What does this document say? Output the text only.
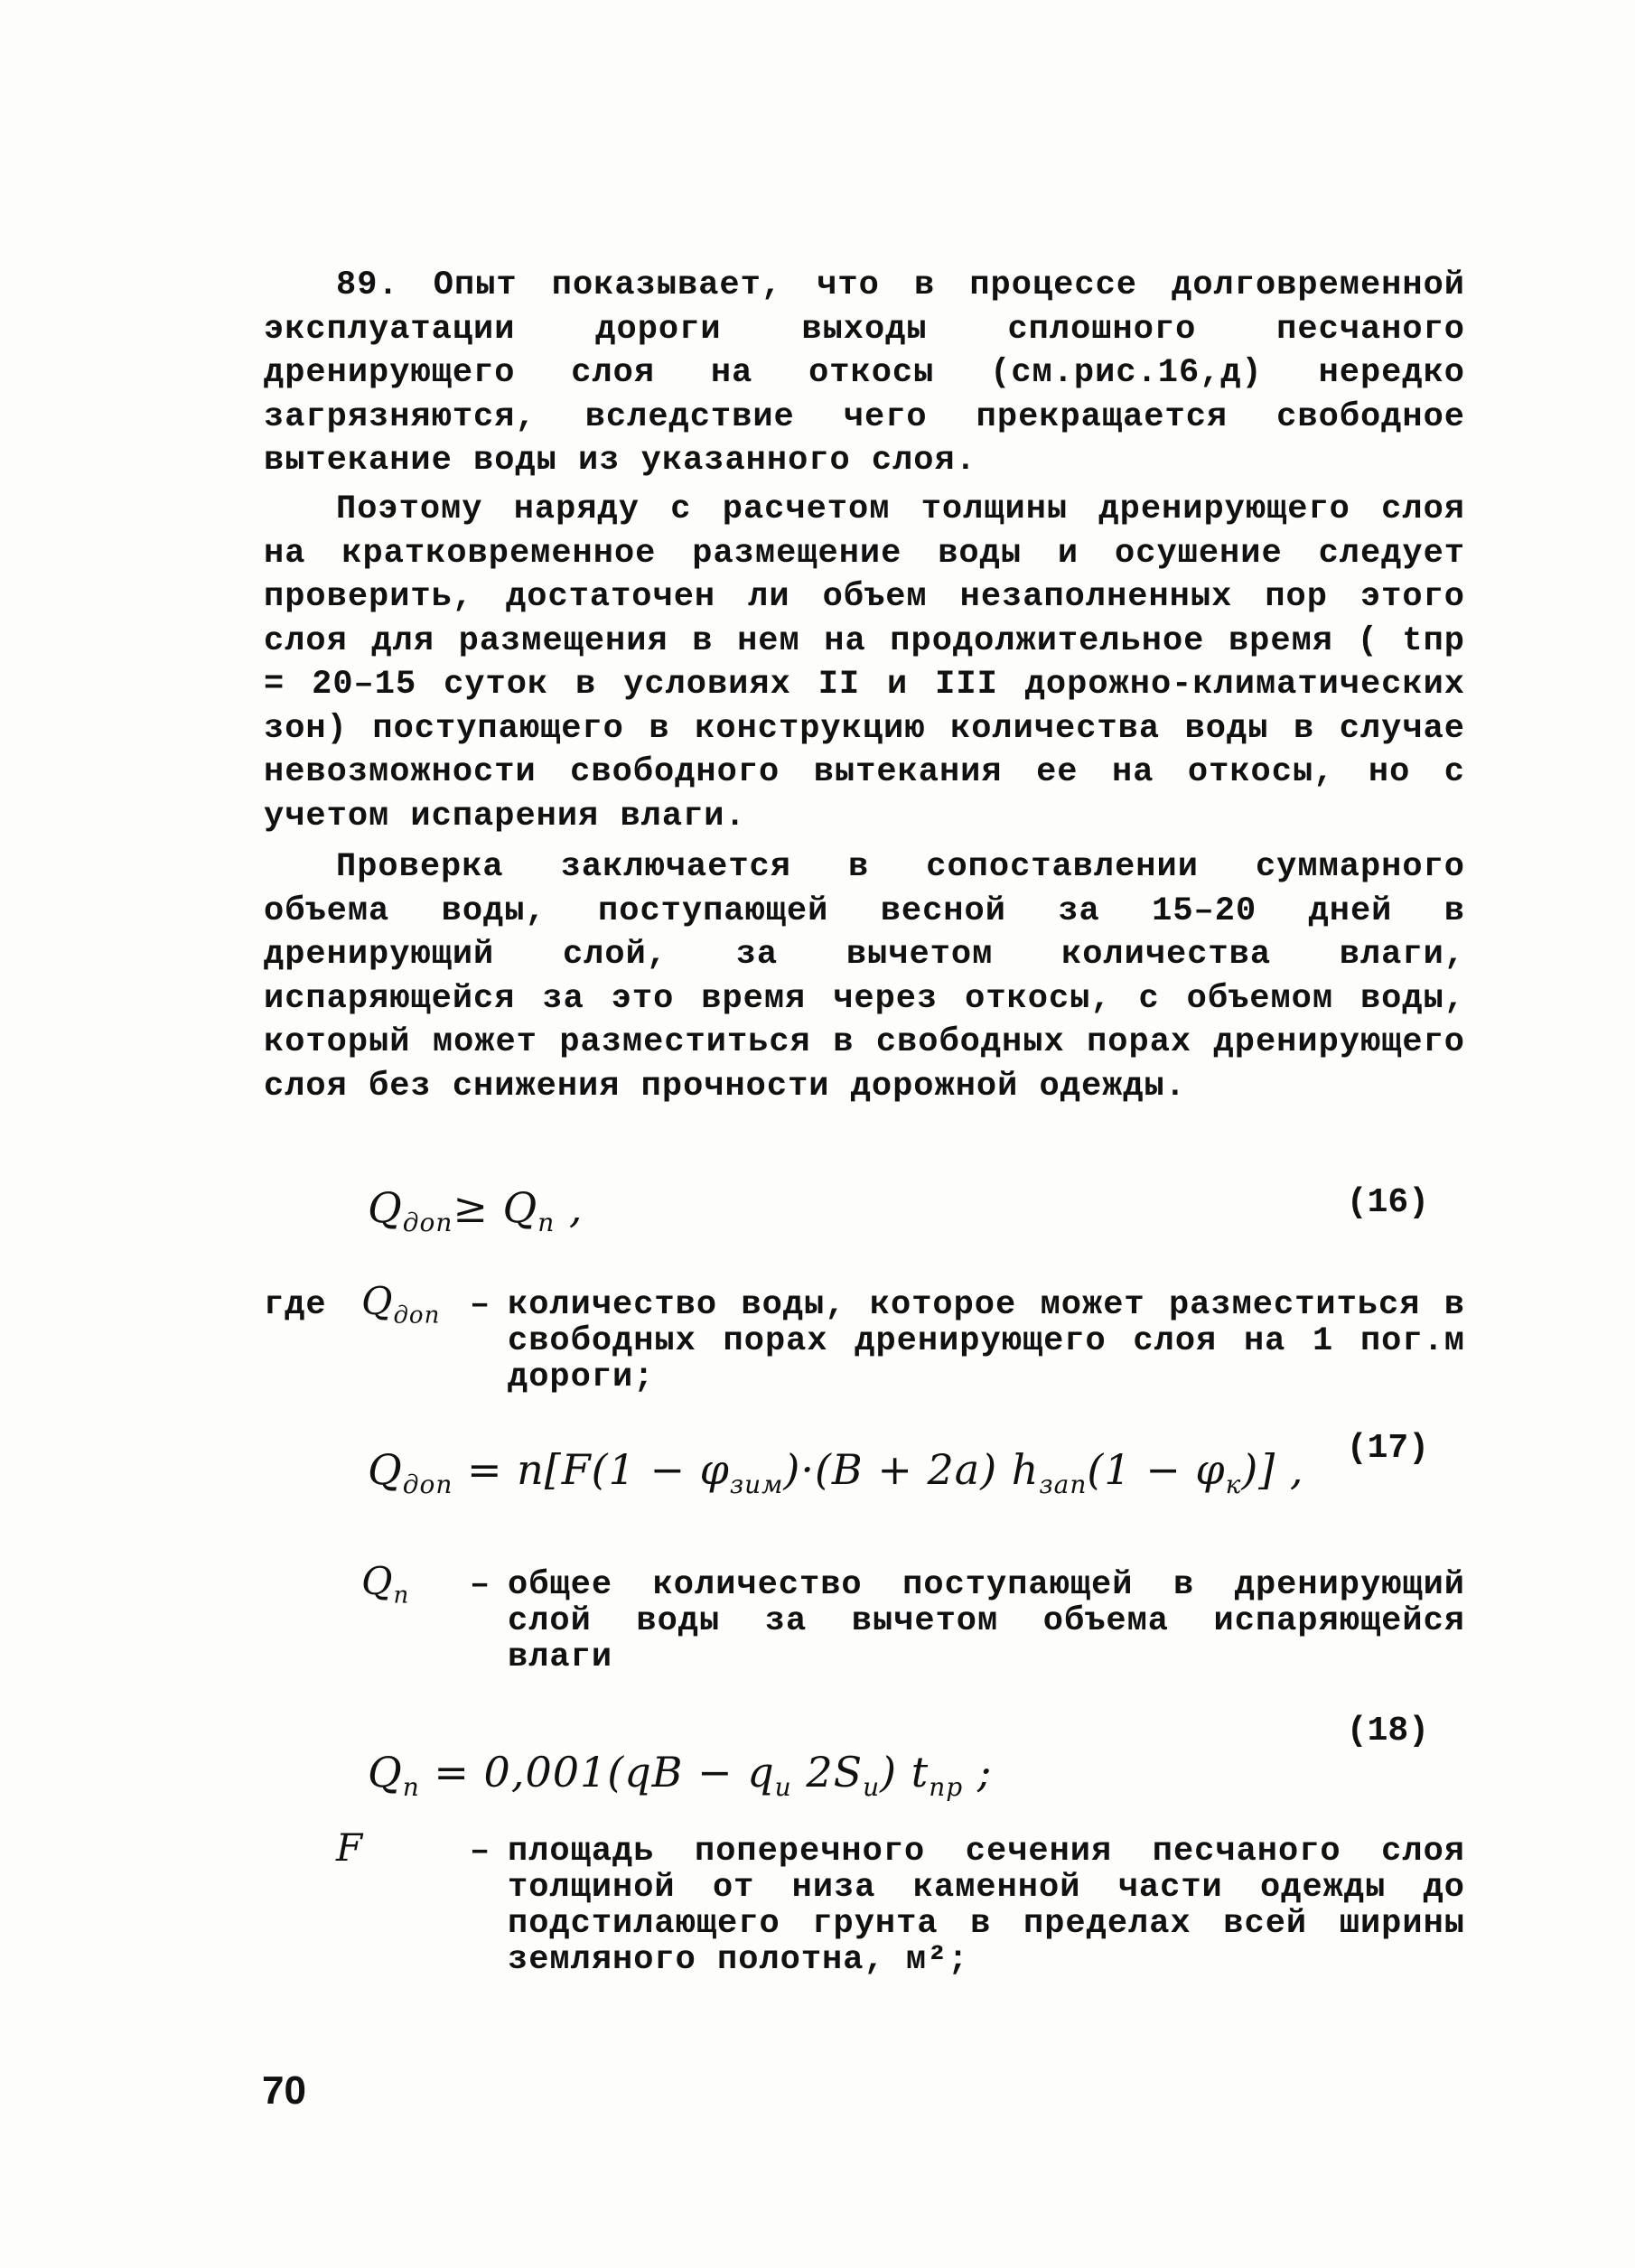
89. Опыт показывает, что в процессе долговременной эксплуатации дороги выходы сплошного песчаного дренирующего слоя на откосы (см.рис.16,д) нередко загрязняются, вследствие чего прекращается свободное вытекание воды из указанного слоя.
Поэтому наряду с расчетом толщины дренирующего слоя на кратковременное размещение воды и осушение следует проверить, достаточен ли объем незаполненных пор этого слоя для размещения в нем на продолжительное время ( tпр = 20–15 суток в условиях II и III дорожно-климатических зон) поступающего в конструкцию количества воды в случае невозможности свободного вытекания ее на откосы, но с учетом испарения влаги.
Проверка заключается в сопоставлении суммарного объема воды, поступающей весной за 15–20 дней в дренирующий слой, за вычетом количества влаги, испаряющейся за это время через откосы, с объемом воды, который может разместиться в свободных порах дренирующего слоя без снижения прочности дорожной одежды.
$Q_{доп}\ge Q_п$ ,	(16)
где $Q_{доп}$ – количество воды, которое может разместиться в свободных порах дренирующего слоя на 1 пог.м дороги;
$Q_{доп} = n[F(1 - \varphi_{зим})\cdot(B + 2a) h_{зап}(1 - \varphi_к)]$ , (17)
$Q_п$ – общее количество поступающей в дренирующий слой воды за вычетом объема испаряющейся влаги
$Q_п = 0,001(qB - q_и$ $2S_и$) $t_{пр}$ ;
(18)
F	– площадь поперечного сечения песчаного слоя толщиной от низа каменной части одежды до подстилающего грунта в пределах всей ширины земляного полотна, м²;
70
